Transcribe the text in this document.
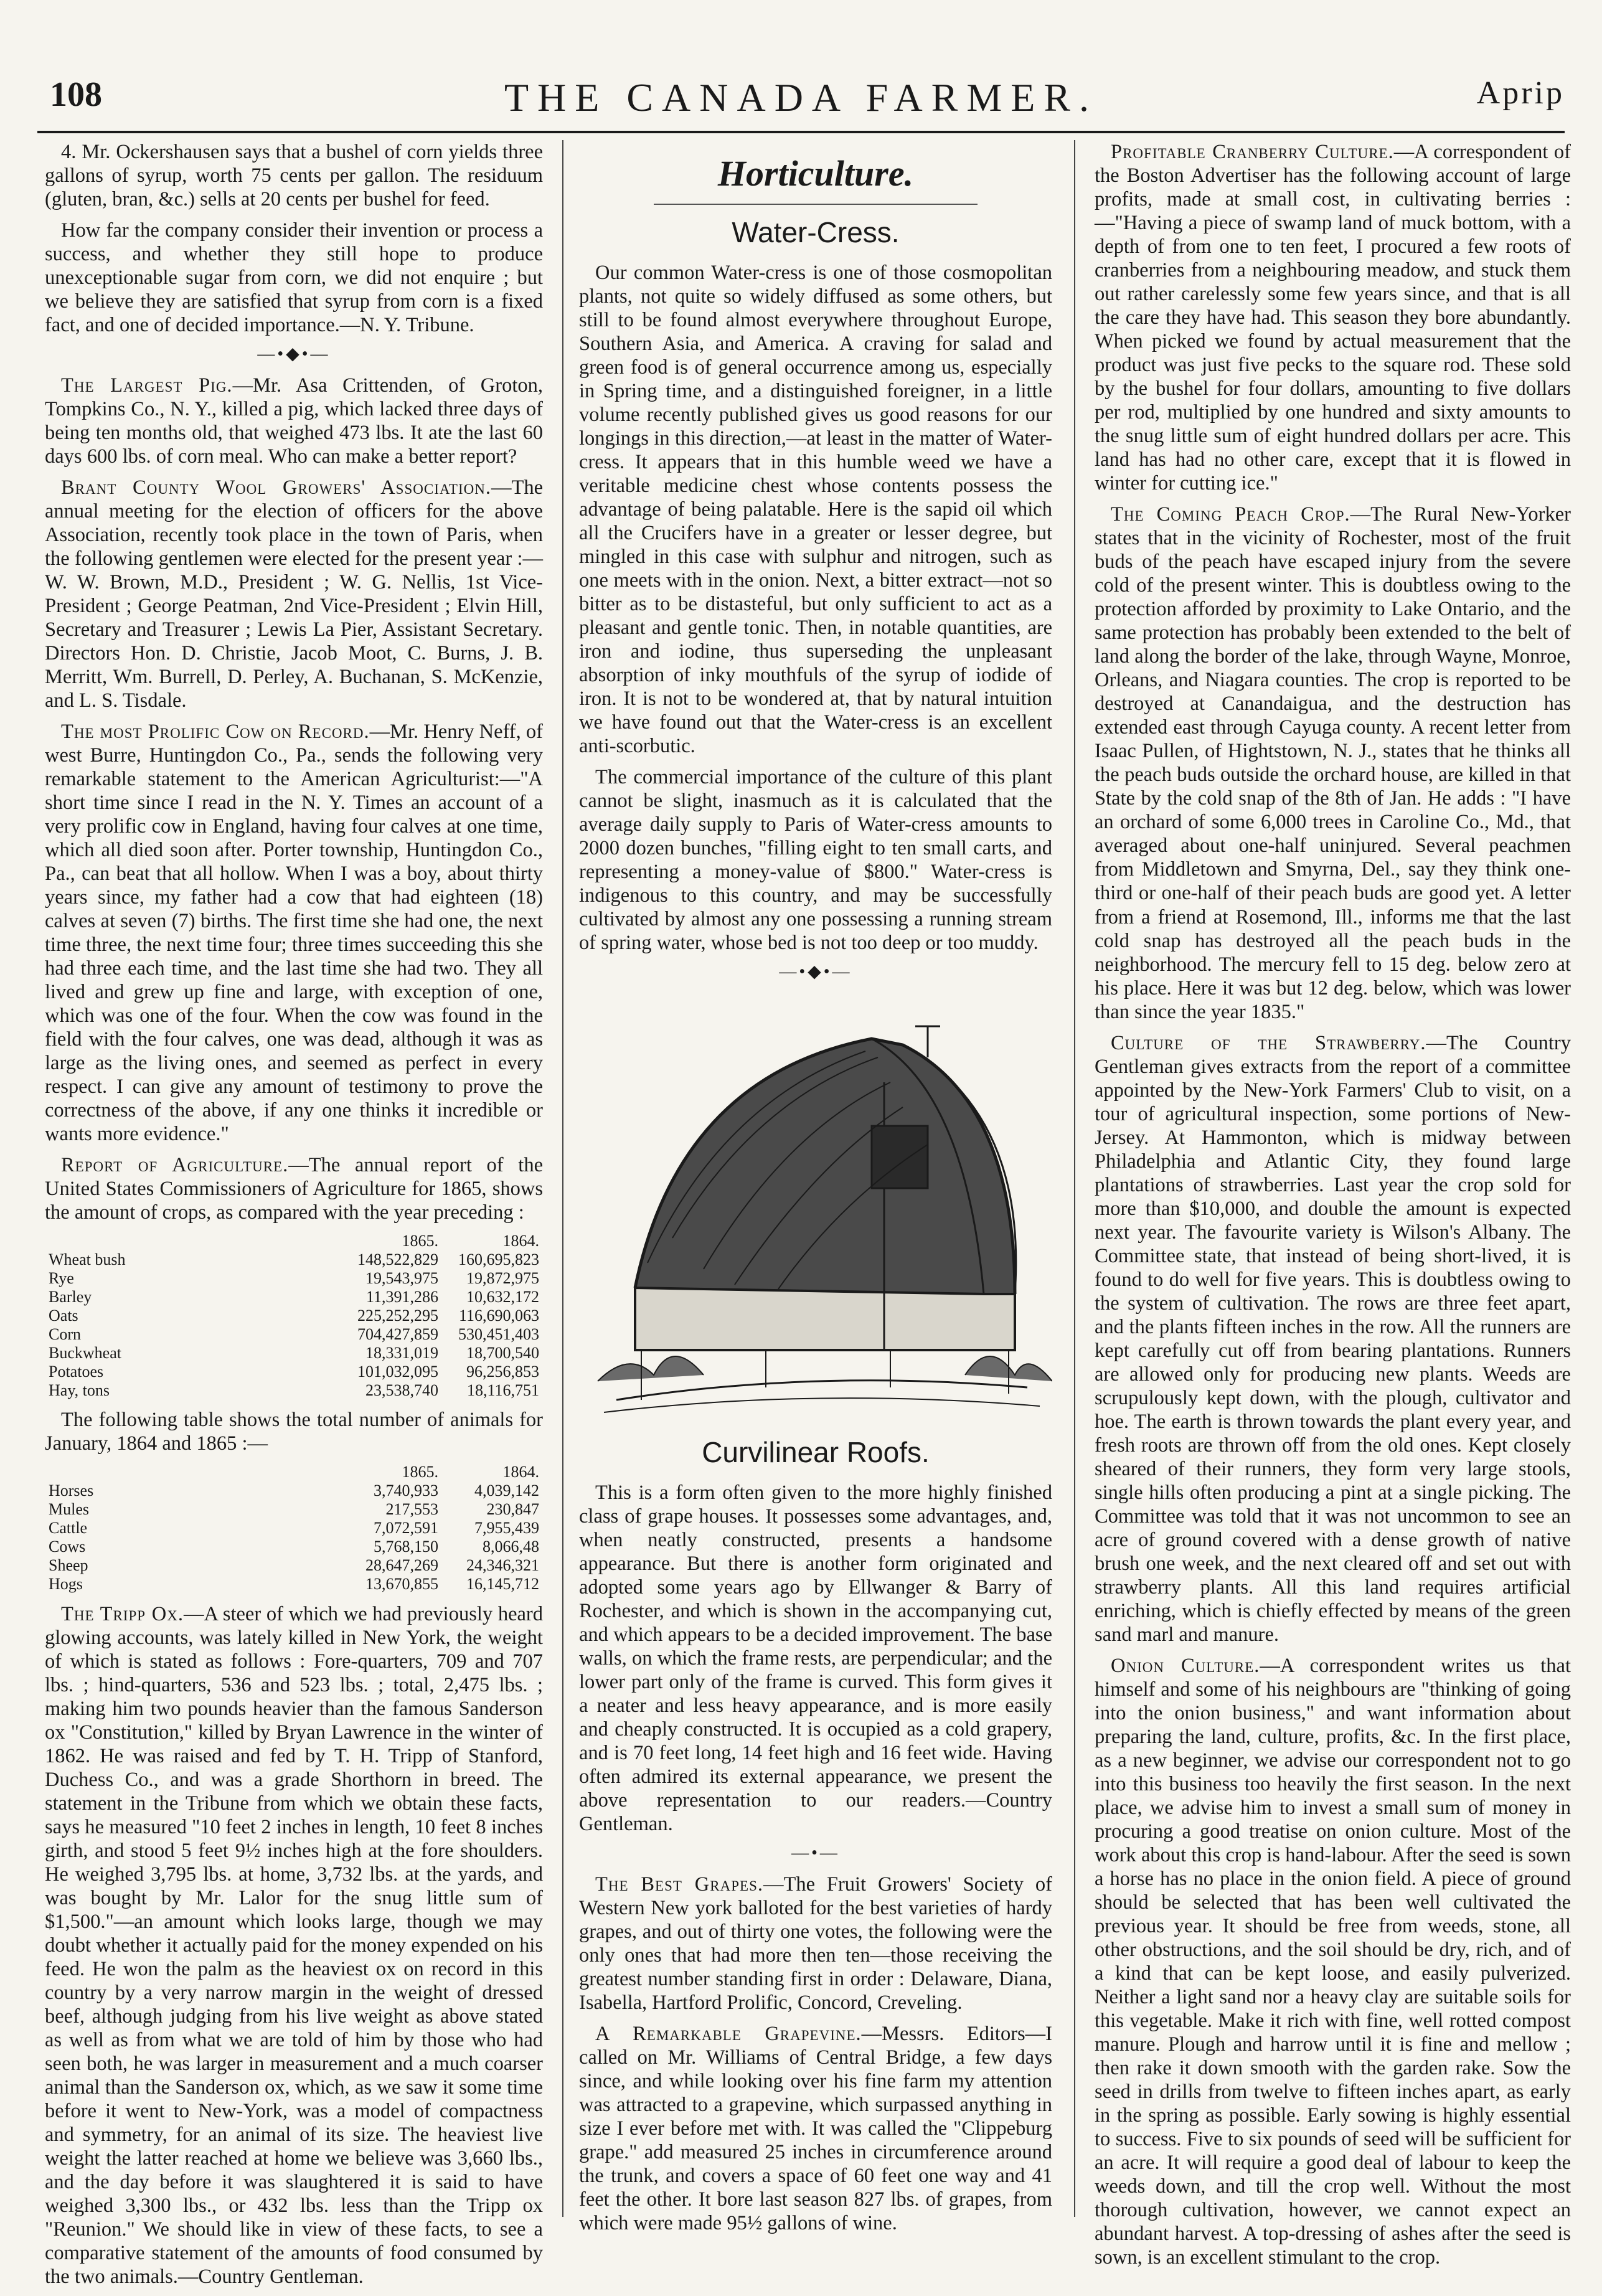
108	THE CANADA FARMER.	Aprip

4. Mr. Ockershausen says that a bushel of corn yields three gallons of syrup, worth 75 cents per gallon. The residuum (gluten, bran, &c.) sells at 20 cents per bushel for feed.

How far the company consider their invention or process a success, and whether they still hope to produce unexceptionable sugar from corn, we did not enquire ; but we believe they are satisfied that syrup from corn is a fixed fact, and one of decided importance.—N. Y. Tribune.

—•◆•—

The Largest Pig.—Mr. Asa Crittenden, of Groton, Tompkins Co., N. Y., killed a pig, which lacked three days of being ten months old, that weighed 473 lbs. It ate the last 60 days 600 lbs. of corn meal. Who can make a better report?

Brant County Wool Growers' Association.—The annual meeting for the election of officers for the above Association, recently took place in the town of Paris, when the following gentlemen were elected for the present year :—W. W. Brown, M.D., President ; W. G. Nellis, 1st Vice-President ; George Peatman, 2nd Vice-President ; Elvin Hill, Secretary and Treasurer ; Lewis La Pier, Assistant Secretary. Directors Hon. D. Christie, Jacob Moot, C. Burns, J. B. Merritt, Wm. Burrell, D. Perley, A. Buchanan, S. McKenzie, and L. S. Tisdale.

The most Prolific Cow on Record.—Mr. Henry Neff, of west Burre, Huntingdon Co., Pa., sends the following very remarkable statement to the American Agriculturist:—"A short time since I read in the N. Y. Times an account of a very prolific cow in England, having four calves at one time, which all died soon after. Porter township, Huntingdon Co., Pa., can beat that all hollow. When I was a boy, about thirty years since, my father had a cow that had eighteen (18) calves at seven (7) births. The first time she had one, the next time three, the next time four; three times succeeding this she had three each time, and the last time she had two. They all lived and grew up fine and large, with exception of one, which was one of the four. When the cow was found in the field with the four calves, one was dead, although it was as large as the living ones, and seemed as perfect in every respect. I can give any amount of testimony to prove the correctness of the above, if any one thinks it incredible or wants more evidence."

Report of Agriculture.—The annual report of the United States Commissioners of Agriculture for 1865, shows the amount of crops, as compared with the year preceding :

	1865.	1864.
Wheat bush	148,522,829	160,695,823
Rye	19,543,975	19,872,975
Barley	11,391,286	10,632,172
Oats	225,252,295	116,690,063
Corn	704,427,859	530,451,403
Buckwheat	18,331,019	18,700,540
Potatoes	101,032,095	96,256,853
Hay, tons	23,538,740	18,116,751

The following table shows the total number of animals for January, 1864 and 1865 :—

	1865.	1864.
Horses	3,740,933	4,039,142
Mules	217,553	230,847
Cattle	7,072,591	7,955,439
Cows	5,768,150	8,066,48
Sheep	28,647,269	24,346,321
Hogs	13,670,855	16,145,712

The Tripp Ox.—A steer of which we had previously heard glowing accounts, was lately killed in New York, the weight of which is stated as follows : Fore-quarters, 709 and 707 lbs. ; hind-quarters, 536 and 523 lbs. ; total, 2,475 lbs. ; making him two pounds heavier than the famous Sanderson ox "Constitution," killed by Bryan Lawrence in the winter of 1862. He was raised and fed by T. H. Tripp of Stanford, Duchess Co., and was a grade Shorthorn in breed. The statement in the Tribune from which we obtain these facts, says he measured "10 feet 2 inches in length, 10 feet 8 inches girth, and stood 5 feet 9½ inches high at the fore shoulders. He weighed 3,795 lbs. at home, 3,732 lbs. at the yards, and was bought by Mr. Lalor for the snug little sum of $1,500."—an amount which looks large, though we may doubt whether it actually paid for the money expended on his feed. He won the palm as the heaviest ox on record in this country by a very narrow margin in the weight of dressed beef, although judging from his live weight as above stated as well as from what we are told of him by those who had seen both, he was larger in measurement and a much coarser animal than the Sanderson ox, which, as we saw it some time before it went to New-York, was a model of compactness and symmetry, for an animal of its size. The heaviest live weight the latter reached at home we believe was 3,660 lbs., and the day before it was slaughtered it is said to have weighed 3,300 lbs., or 432 lbs. less than the Tripp ox "Reunion." We should like in view of these facts, to see a comparative statement of the amounts of food consumed by the two animals.—Country Gentleman.

Horticulture.
Water-Cress.

Our common Water-cress is one of those cosmopolitan plants, not quite so widely diffused as some others, but still to be found almost everywhere throughout Europe, Southern Asia, and America. A craving for salad and green food is of general occurrence among us, especially in Spring time, and a distinguished foreigner, in a little volume recently published gives us good reasons for our longings in this direction,—at least in the matter of Water-cress. It appears that in this humble weed we have a veritable medicine chest whose contents possess the advantage of being palatable. Here is the sapid oil which all the Crucifers have in a greater or lesser degree, but mingled in this case with sulphur and nitrogen, such as one meets with in the onion. Next, a bitter extract—not so bitter as to be distasteful, but only sufficient to act as a pleasant and gentle tonic. Then, in notable quantities, are iron and iodine, thus superseding the unpleasant absorption of inky mouthfuls of the syrup of iodide of iron. It is not to be wondered at, that by natural intuition we have found out that the Water-cress is an excellent anti-scorbutic.

The commercial importance of the culture of this plant cannot be slight, inasmuch as it is calculated that the average daily supply to Paris of Water-cress amounts to 2000 dozen bunches, "filling eight to ten small carts, and representing a money-value of $800." Water-cress is indigenous to this country, and may be successfully cultivated by almost any one possessing a running stream of spring water, whose bed is not too deep or too muddy.

—•◆•—
Curvilinear Roofs.

This is a form often given to the more highly finished class of grape houses. It possesses some advantages, and, when neatly constructed, presents a handsome appearance. But there is another form originated and adopted some years ago by Ellwanger & Barry of Rochester, and which is shown in the accompanying cut, and which appears to be a decided improvement. The base walls, on which the frame rests, are perpendicular; and the lower part only of the frame is curved. This form gives it a neater and less heavy appearance, and is more easily and cheaply constructed. It is occupied as a cold grapery, and is 70 feet long, 14 feet high and 16 feet wide. Having often admired its external appearance, we present the above representation to our readers.—Country Gentleman.

—•—

The Best Grapes.—The Fruit Growers' Society of Western New york balloted for the best varieties of hardy grapes, and out of thirty one votes, the following were the only ones that had more then ten—those receiving the greatest number standing first in order : Delaware, Diana, Isabella, Hartford Prolific, Concord, Creveling.

A Remarkable Grapevine.—Messrs. Editors—I called on Mr. Williams of Central Bridge, a few days since, and while looking over his fine farm my attention was attracted to a grapevine, which surpassed anything in size I ever before met with. It was called the "Clippeburg grape." add measured 25 inches in circumference around the trunk, and covers a space of 60 feet one way and 41 feet the other. It bore last season 827 lbs. of grapes, from which were made 95½ gallons of wine.

Profitable Cranberry Culture.—A correspondent of the Boston Advertiser has the following account of large profits, made at small cost, in cultivating berries :—"Having a piece of swamp land of muck bottom, with a depth of from one to ten feet, I procured a few roots of cranberries from a neighbouring meadow, and stuck them out rather carelessly some few years since, and that is all the care they have had. This season they bore abundantly. When picked we found by actual measurement that the product was just five pecks to the square rod. These sold by the bushel for four dollars, amounting to five dollars per rod, multiplied by one hundred and sixty amounts to the snug little sum of eight hundred dollars per acre. This land has had no other care, except that it is flowed in winter for cutting ice."

The Coming Peach Crop.—The Rural New-Yorker states that in the vicinity of Rochester, most of the fruit buds of the peach have escaped injury from the severe cold of the present winter. This is doubtless owing to the protection afforded by proximity to Lake Ontario, and the same protection has probably been extended to the belt of land along the border of the lake, through Wayne, Monroe, Orleans, and Niagara counties. The crop is reported to be destroyed at Canandaigua, and the destruction has extended east through Cayuga county. A recent letter from Isaac Pullen, of Hightstown, N. J., states that he thinks all the peach buds outside the orchard house, are killed in that State by the cold snap of the 8th of Jan. He adds : "I have an orchard of some 6,000 trees in Caroline Co., Md., that averaged about one-half uninjured. Several peachmen from Middletown and Smyrna, Del., say they think one-third or one-half of their peach buds are good yet. A letter from a friend at Rosemond, Ill., informs me that the last cold snap has destroyed all the peach buds in the neighborhood. The mercury fell to 15 deg. below zero at his place. Here it was but 12 deg. below, which was lower than since the year 1835."

Culture of the Strawberry.—The Country Gentleman gives extracts from the report of a committee appointed by the New-York Farmers' Club to visit, on a tour of agricultural inspection, some portions of New-Jersey. At Hammonton, which is midway between Philadelphia and Atlantic City, they found large plantations of strawberries. Last year the crop sold for more than $10,000, and double the amount is expected next year. The favourite variety is Wilson's Albany. The Committee state, that instead of being short-lived, it is found to do well for five years. This is doubtless owing to the system of cultivation. The rows are three feet apart, and the plants fifteen inches in the row. All the runners are kept carefully cut off from bearing plantations. Runners are allowed only for producing new plants. Weeds are scrupulously kept down, with the plough, cultivator and hoe. The earth is thrown towards the plant every year, and fresh roots are thrown off from the old ones. Kept closely sheared of their runners, they form very large stools, single hills often producing a pint at a single picking. The Committee was told that it was not uncommon to see an acre of ground covered with a dense growth of native brush one week, and the next cleared off and set out with strawberry plants. All this land requires artificial enriching, which is chiefly effected by means of the green sand marl and manure.

Onion Culture.—A correspondent writes us that himself and some of his neighbours are "thinking of going into the onion business," and want information about preparing the land, culture, profits, &c. In the first place, as a new beginner, we advise our correspondent not to go into this business too heavily the first season. In the next place, we advise him to invest a small sum of money in procuring a good treatise on onion culture. Most of the work about this crop is hand-labour. After the seed is sown a horse has no place in the onion field. A piece of ground should be selected that has been well cultivated the previous year. It should be free from weeds, stone, all other obstructions, and the soil should be dry, rich, and of a kind that can be kept loose, and easily pulverized. Neither a light sand nor a heavy clay are suitable soils for this vegetable. Make it rich with fine, well rotted compost manure. Plough and harrow until it is fine and mellow ; then rake it down smooth with the garden rake. Sow the seed in drills from twelve to fifteen inches apart, as early in the spring as possible. Early sowing is highly essential to success. Five to six pounds of seed will be sufficient for an acre. It will require a good deal of labour to keep the weeds down, and till the crop well. Without the most thorough cultivation, however, we cannot expect an abundant harvest. A top-dressing of ashes after the seed is sown, is an excellent stimulant to the crop.
